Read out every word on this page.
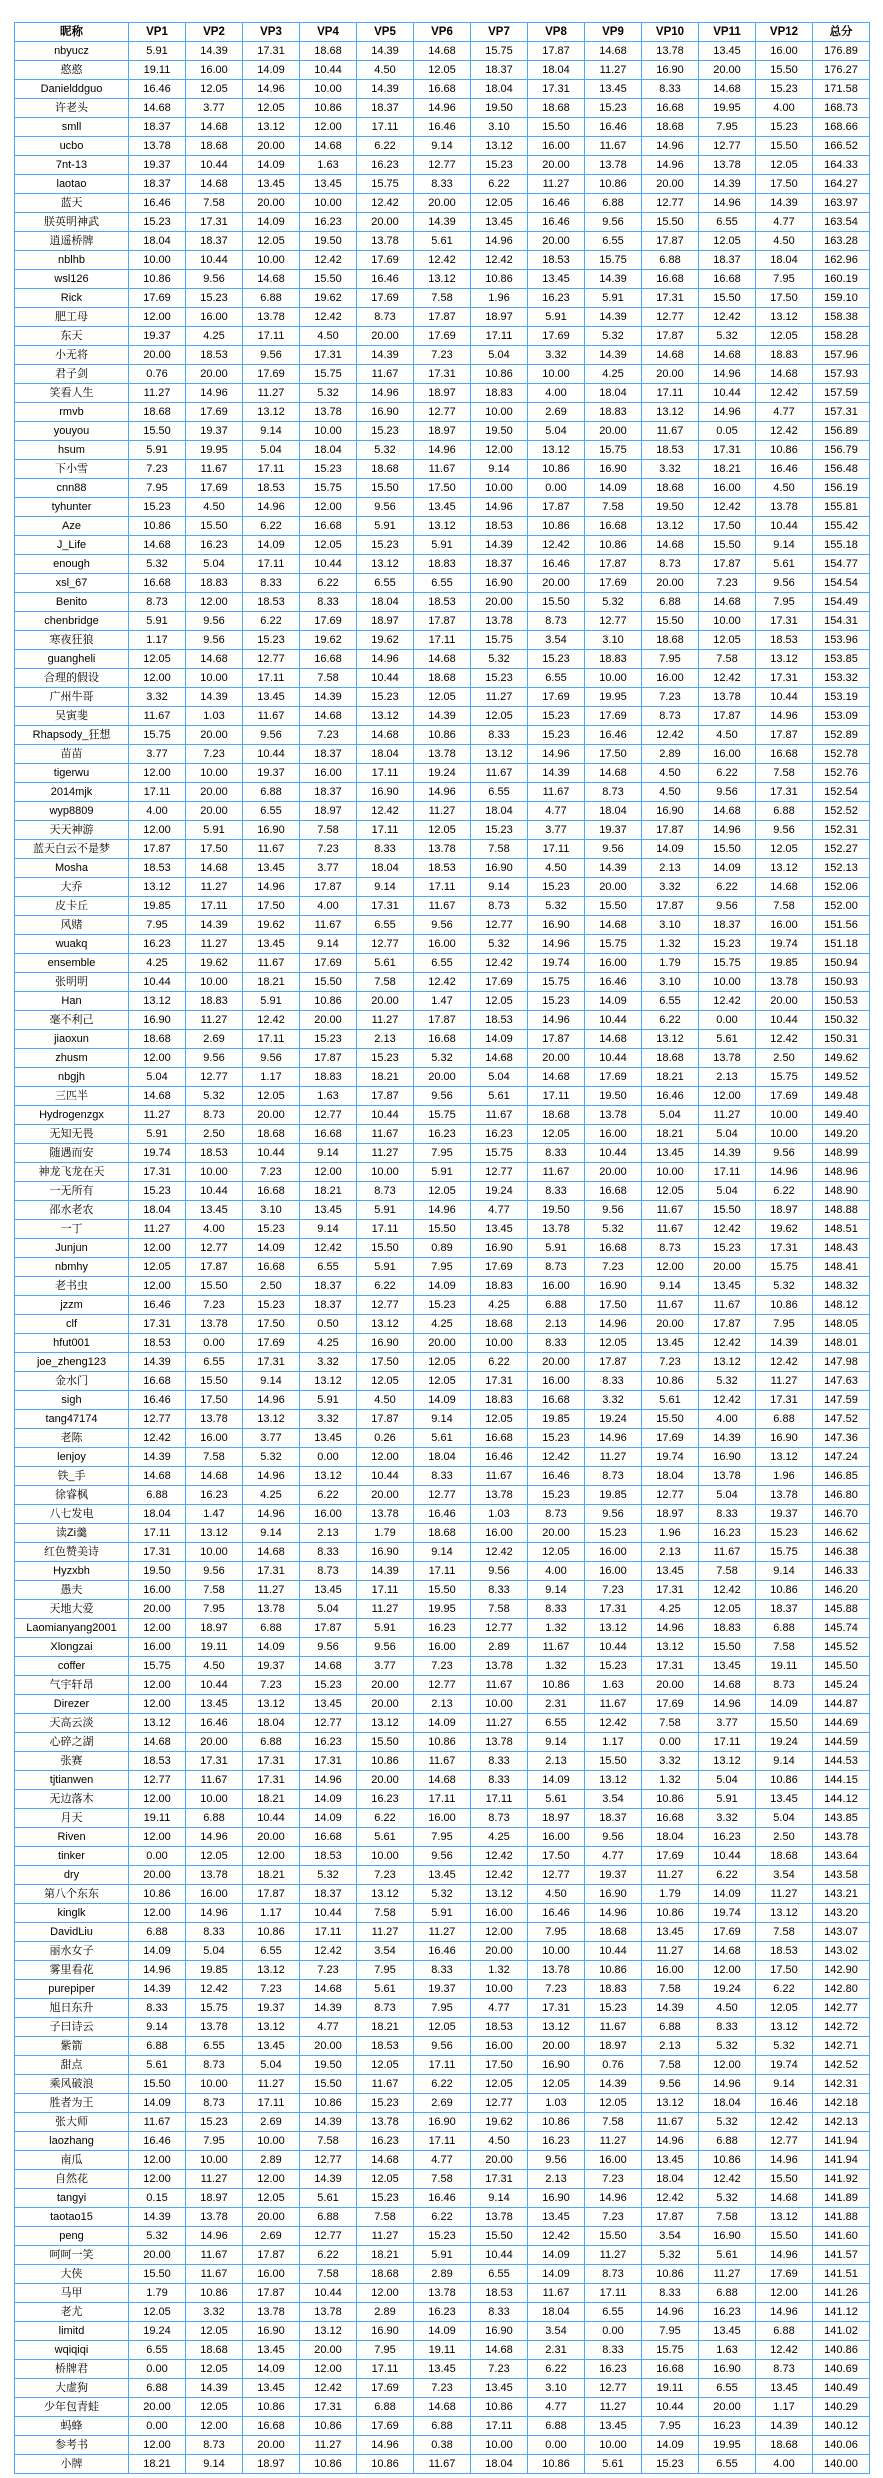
昵称	VP1	VP2	VP3	VP4	VP5	VP6	VP7	VP8	VP9	VP10	VP11	VP12	总分
nbyucz	5.91	14.39	17.31	18.68	14.39	14.68	15.75	17.87	14.68	13.78	13.45	16.00	176.89
憨憨	19.11	16.00	14.09	10.44	4.50	12.05	18.37	18.04	11.27	16.90	20.00	15.50	176.27
Danielddguo	16.46	12.05	14.96	10.00	14.39	16.68	18.04	17.31	13.45	8.33	14.68	15.23	171.58
许老头	14.68	3.77	12.05	10.86	18.37	14.96	19.50	18.68	15.23	16.68	19.95	4.00	168.73
smll	18.37	14.68	13.12	12.00	17.11	16.46	3.10	15.50	16.46	18.68	7.95	15.23	168.66
ucbo	13.78	18.68	20.00	14.68	6.22	9.14	13.12	16.00	11.67	14.96	12.77	15.50	166.52
7nt-13	19.37	10.44	14.09	1.63	16.23	12.77	15.23	20.00	13.78	14.96	13.78	12.05	164.33
laotao	18.37	14.68	13.45	13.45	15.75	8.33	6.22	11.27	10.86	20.00	14.39	17.50	164.27
蓝天	16.46	7.58	20.00	10.00	12.42	20.00	12.05	16.46	6.88	12.77	14.96	14.39	163.97
朕英明神武	15.23	17.31	14.09	16.23	20.00	14.39	13.45	16.46	9.56	15.50	6.55	4.77	163.54
逍遥桥牌	18.04	18.37	12.05	19.50	13.78	5.61	14.96	20.00	6.55	17.87	12.05	4.50	163.28
nblhb	10.00	10.44	10.00	12.42	17.69	12.42	12.42	18.53	15.75	6.88	18.37	18.04	162.96
wsl126	10.86	9.56	14.68	15.50	16.46	13.12	10.86	13.45	14.39	16.68	16.68	7.95	160.19
Rick	17.69	15.23	6.88	19.62	17.69	7.58	1.96	16.23	5.91	17.31	15.50	17.50	159.10
肥工母	12.00	16.00	13.78	12.42	8.73	17.87	18.97	5.91	14.39	12.77	12.42	13.12	158.38
东天	19.37	4.25	17.11	4.50	20.00	17.69	17.11	17.69	5.32	17.87	5.32	12.05	158.28
小无将	20.00	18.53	9.56	17.31	14.39	7.23	5.04	3.32	14.39	14.68	14.68	18.83	157.96
君子剑	0.76	20.00	17.69	15.75	11.67	17.31	10.86	10.00	4.25	20.00	14.96	14.68	157.93
笑看人生	11.27	14.96	11.27	5.32	14.96	18.97	18.83	4.00	18.04	17.11	10.44	12.42	157.59
rmvb	18.68	17.69	13.12	13.78	16.90	12.77	10.00	2.69	18.83	13.12	14.96	4.77	157.31
youyou	15.50	19.37	9.14	10.00	15.23	18.97	19.50	5.04	20.00	11.67	0.05	12.42	156.89
hsum	5.91	19.95	5.04	18.04	5.32	14.96	12.00	13.12	15.75	18.53	17.31	10.86	156.79
下小雪	7.23	11.67	17.11	15.23	18.68	11.67	9.14	10.86	16.90	3.32	18.21	16.46	156.48
cnn88	7.95	17.69	18.53	15.75	15.50	17.50	10.00	0.00	14.09	18.68	16.00	4.50	156.19
tyhunter	15.23	4.50	14.96	12.00	9.56	13.45	14.96	17.87	7.58	19.50	12.42	13.78	155.81
Aze	10.86	15.50	6.22	16.68	5.91	13.12	18.53	10.86	16.68	13.12	17.50	10.44	155.42
J_Life	14.68	16.23	14.09	12.05	15.23	5.91	14.39	12.42	10.86	14.68	15.50	9.14	155.18
enough	5.32	5.04	17.11	10.44	13.12	18.83	18.37	16.46	17.87	8.73	17.87	5.61	154.77
xsl_67	16.68	18.83	8.33	6.22	6.55	6.55	16.90	20.00	17.69	20.00	7.23	9.56	154.54
Benito	8.73	12.00	18.53	8.33	18.04	18.53	20.00	15.50	5.32	6.88	14.68	7.95	154.49
chenbridge	5.91	9.56	6.22	17.69	18.97	17.87	13.78	8.73	12.77	15.50	10.00	17.31	154.31
寒夜狂狼	1.17	9.56	15.23	19.62	19.62	17.11	15.75	3.54	3.10	18.68	12.05	18.53	153.96
guangheli	12.05	14.68	12.77	16.68	14.96	14.68	5.32	15.23	18.83	7.95	7.58	13.12	153.85
合理的假设	12.00	10.00	17.11	7.58	10.44	18.68	15.23	6.55	10.00	16.00	12.42	17.31	153.32
广州牛哥	3.32	14.39	13.45	14.39	15.23	12.05	11.27	17.69	19.95	7.23	13.78	10.44	153.19
吴寅斐	11.67	1.03	11.67	14.68	13.12	14.39	12.05	15.23	17.69	8.73	17.87	14.96	153.09
Rhapsody_狂想	15.75	20.00	9.56	7.23	14.68	10.86	8.33	15.23	16.46	12.42	4.50	17.87	152.89
苗苗	3.77	7.23	10.44	18.37	18.04	13.78	13.12	14.96	17.50	2.89	16.00	16.68	152.78
tigerwu	12.00	10.00	19.37	16.00	17.11	19.24	11.67	14.39	14.68	4.50	6.22	7.58	152.76
2014mjk	17.11	20.00	6.88	18.37	16.90	14.96	6.55	11.67	8.73	4.50	9.56	17.31	152.54
wyp8809	4.00	20.00	6.55	18.97	12.42	11.27	18.04	4.77	18.04	16.90	14.68	6.88	152.52
天天神游	12.00	5.91	16.90	7.58	17.11	12.05	15.23	3.77	19.37	17.87	14.96	9.56	152.31
蓝天白云不是梦	17.87	17.50	11.67	7.23	8.33	13.78	7.58	17.11	9.56	14.09	15.50	12.05	152.27
Mosha	18.53	14.68	13.45	3.77	18.04	18.53	16.90	4.50	14.39	2.13	14.09	13.12	152.13
大乔	13.12	11.27	14.96	17.87	9.14	17.11	9.14	15.23	20.00	3.32	6.22	14.68	152.06
皮卡丘	19.85	17.11	17.50	4.00	17.31	11.67	8.73	5.32	15.50	17.87	9.56	7.58	152.00
风赌	7.95	14.39	19.62	11.67	6.55	9.56	12.77	16.90	14.68	3.10	18.37	16.00	151.56
wuakq	16.23	11.27	13.45	9.14	12.77	16.00	5.32	14.96	15.75	1.32	15.23	19.74	151.18
ensemble	4.25	19.62	11.67	17.69	5.61	6.55	12.42	19.74	16.00	1.79	15.75	19.85	150.94
张明明	10.44	10.00	18.21	15.50	7.58	12.42	17.69	15.75	16.46	3.10	10.00	13.78	150.93
Han	13.12	18.83	5.91	10.86	20.00	1.47	12.05	15.23	14.09	6.55	12.42	20.00	150.53
毫不利己	16.90	11.27	12.42	20.00	11.27	17.87	18.53	14.96	10.44	6.22	0.00	10.44	150.32
jiaoxun	18.68	2.69	17.11	15.23	2.13	16.68	14.09	17.87	14.68	13.12	5.61	12.42	150.31
zhusm	12.00	9.56	9.56	17.87	15.23	5.32	14.68	20.00	10.44	18.68	13.78	2.50	149.62
nbgjh	5.04	12.77	1.17	18.83	18.21	20.00	5.04	14.68	17.69	18.21	2.13	15.75	149.52
三匹半	14.68	5.32	12.05	1.63	17.87	9.56	5.61	17.11	19.50	16.46	12.00	17.69	149.48
Hydrogenzgx	11.27	8.73	20.00	12.77	10.44	15.75	11.67	18.68	13.78	5.04	11.27	10.00	149.40
无知无畏	5.91	2.50	18.68	16.68	11.67	16.23	16.23	12.05	16.00	18.21	5.04	10.00	149.20
随遇而安	19.74	18.53	10.44	9.14	11.27	7.95	15.75	8.33	10.44	13.45	14.39	9.56	148.99
神龙飞龙在天	17.31	10.00	7.23	12.00	10.00	5.91	12.77	11.67	20.00	10.00	17.11	14.96	148.96
一无所有	15.23	10.44	16.68	18.21	8.73	12.05	19.24	8.33	16.68	12.05	5.04	6.22	148.90
邵水老农	18.04	13.45	3.10	13.45	5.91	14.96	4.77	19.50	9.56	11.67	15.50	18.97	148.88
一丁	11.27	4.00	15.23	9.14	17.11	15.50	13.45	13.78	5.32	11.67	12.42	19.62	148.51
Junjun	12.00	12.77	14.09	12.42	15.50	0.89	16.90	5.91	16.68	8.73	15.23	17.31	148.43
nbmhy	12.05	17.87	16.68	6.55	5.91	7.95	17.69	8.73	7.23	12.00	20.00	15.75	148.41
老书虫	12.00	15.50	2.50	18.37	6.22	14.09	18.83	16.00	16.90	9.14	13.45	5.32	148.32
jzzm	16.46	7.23	15.23	18.37	12.77	15.23	4.25	6.88	17.50	11.67	11.67	10.86	148.12
clf	17.31	13.78	17.50	0.50	13.12	4.25	18.68	2.13	14.96	20.00	17.87	7.95	148.05
hfut001	18.53	0.00	17.69	4.25	16.90	20.00	10.00	8.33	12.05	13.45	12.42	14.39	148.01
joe_zheng123	14.39	6.55	17.31	3.32	17.50	12.05	6.22	20.00	17.87	7.23	13.12	12.42	147.98
金水门	16.68	15.50	9.14	13.12	12.05	12.05	17.31	16.00	8.33	10.86	5.32	11.27	147.63
sigh	16.46	17.50	14.96	5.91	4.50	14.09	18.83	16.68	3.32	5.61	12.42	17.31	147.59
tang47174	12.77	13.78	13.12	3.32	17.87	9.14	12.05	19.85	19.24	15.50	4.00	6.88	147.52
老陈	12.42	16.00	3.77	13.45	0.26	5.61	16.68	15.23	14.96	17.69	14.39	16.90	147.36
lenjoy	14.39	7.58	5.32	0.00	12.00	18.04	16.46	12.42	11.27	19.74	16.90	13.12	147.24
铁_手	14.68	14.68	14.96	13.12	10.44	8.33	11.67	16.46	8.73	18.04	13.78	1.96	146.85
徐睿枫	6.88	16.23	4.25	6.22	20.00	12.77	13.78	15.23	19.85	12.77	5.04	13.78	146.80
八七发电	18.04	1.47	14.96	16.00	13.78	16.46	1.03	8.73	9.56	18.97	8.33	19.37	146.70
读Zi羹	17.11	13.12	9.14	2.13	1.79	18.68	16.00	20.00	15.23	1.96	16.23	15.23	146.62
红色赞美诗	17.31	10.00	14.68	8.33	16.90	9.14	12.42	12.05	16.00	2.13	11.67	15.75	146.38
Hyzxbh	19.50	9.56	17.31	8.73	14.39	17.11	9.56	4.00	16.00	13.45	7.58	9.14	146.33
愚夫	16.00	7.58	11.27	13.45	17.11	15.50	8.33	9.14	7.23	17.31	12.42	10.86	146.20
天地大爱	20.00	7.95	13.78	5.04	11.27	19.95	7.58	8.33	17.31	4.25	12.05	18.37	145.88
Laomianyang2001	12.00	18.97	6.88	17.87	5.91	16.23	12.77	1.32	13.12	14.96	18.83	6.88	145.74
Xlongzai	16.00	19.11	14.09	9.56	9.56	16.00	2.89	11.67	10.44	13.12	15.50	7.58	145.52
coffer	15.75	4.50	19.37	14.68	3.77	7.23	13.78	1.32	15.23	17.31	13.45	19.11	145.50
气宇轩昂	12.00	10.44	7.23	15.23	20.00	12.77	11.67	10.86	1.63	20.00	14.68	8.73	145.24
Direzer	12.00	13.45	13.12	13.45	20.00	2.13	10.00	2.31	11.67	17.69	14.96	14.09	144.87
天高云淡	13.12	16.46	18.04	12.77	13.12	14.09	11.27	6.55	12.42	7.58	3.77	15.50	144.69
心碎之湖	14.68	20.00	6.88	16.23	15.50	10.86	13.78	9.14	1.17	0.00	17.11	19.24	144.59
张赛	18.53	17.31	17.31	17.31	10.86	11.67	8.33	2.13	15.50	3.32	13.12	9.14	144.53
tjtianwen	12.77	11.67	17.31	14.96	20.00	14.68	8.33	14.09	13.12	1.32	5.04	10.86	144.15
无边落木	12.00	10.00	18.21	14.09	16.23	17.11	17.11	5.61	3.54	10.86	5.91	13.45	144.12
月天	19.11	6.88	10.44	14.09	6.22	16.00	8.73	18.97	18.37	16.68	3.32	5.04	143.85
Riven	12.00	14.96	20.00	16.68	5.61	7.95	4.25	16.00	9.56	18.04	16.23	2.50	143.78
tinker	0.00	12.05	12.00	18.53	10.00	9.56	12.42	17.50	4.77	17.69	10.44	18.68	143.64
dry	20.00	13.78	18.21	5.32	7.23	13.45	12.42	12.77	19.37	11.27	6.22	3.54	143.58
第八个东东	10.86	16.00	17.87	18.37	13.12	5.32	13.12	4.50	16.90	1.79	14.09	11.27	143.21
kinglk	12.00	14.96	1.17	10.44	7.58	5.91	16.00	16.46	14.96	10.86	19.74	13.12	143.20
DavidLiu	6.88	8.33	10.86	17.11	11.27	11.27	12.00	7.95	18.68	13.45	17.69	7.58	143.07
丽水女子	14.09	5.04	6.55	12.42	3.54	16.46	20.00	10.00	10.44	11.27	14.68	18.53	143.02
雾里看花	14.96	19.85	13.12	7.23	7.95	8.33	1.32	13.78	10.86	16.00	12.00	17.50	142.90
purepiper	14.39	12.42	7.23	14.68	5.61	19.37	10.00	7.23	18.83	7.58	19.24	6.22	142.80
旭日东升	8.33	15.75	19.37	14.39	8.73	7.95	4.77	17.31	15.23	14.39	4.50	12.05	142.77
子曰诗云	9.14	13.78	13.12	4.77	18.21	12.05	18.53	13.12	11.67	6.88	8.33	13.12	142.72
紫箭	6.88	6.55	13.45	20.00	18.53	9.56	16.00	20.00	18.97	2.13	5.32	5.32	142.71
甜点	5.61	8.73	5.04	19.50	12.05	17.11	17.50	16.90	0.76	7.58	12.00	19.74	142.52
乘风破浪	15.50	10.00	11.27	15.50	11.67	6.22	12.05	12.05	14.39	9.56	14.96	9.14	142.31
胜者为王	14.09	8.73	17.11	10.86	15.23	2.69	12.77	1.03	12.05	13.12	18.04	16.46	142.18
张大师	11.67	15.23	2.69	14.39	13.78	16.90	19.62	10.86	7.58	11.67	5.32	12.42	142.13
laozhang	16.46	7.95	10.00	7.58	16.23	17.11	4.50	16.23	11.27	14.96	6.88	12.77	141.94
南瓜	12.00	10.00	2.89	12.77	14.68	4.77	20.00	9.56	16.00	13.45	10.86	14.96	141.94
自然花	12.00	11.27	12.00	14.39	12.05	7.58	17.31	2.13	7.23	18.04	12.42	15.50	141.92
tangyi	0.15	18.97	12.05	5.61	15.23	16.46	9.14	16.90	14.96	12.42	5.32	14.68	141.89
taotao15	14.39	13.78	20.00	6.88	7.58	6.22	13.78	13.45	7.23	17.87	7.58	13.12	141.88
peng	5.32	14.96	2.69	12.77	11.27	15.23	15.50	12.42	15.50	3.54	16.90	15.50	141.60
呵呵一笑	20.00	11.67	17.87	6.22	18.21	5.91	10.44	14.09	11.27	5.32	5.61	14.96	141.57
大侠	15.50	11.67	16.00	7.58	18.68	2.89	6.55	14.09	8.73	10.86	11.27	17.69	141.51
马甲	1.79	10.86	17.87	10.44	12.00	13.78	18.53	11.67	17.11	8.33	6.88	12.00	141.26
老尤	12.05	3.32	13.78	13.78	2.89	16.23	8.33	18.04	6.55	14.96	16.23	14.96	141.12
limitd	19.24	12.05	16.90	13.12	16.90	14.09	16.90	3.54	0.00	7.95	13.45	6.88	141.02
wqiqiqi	6.55	18.68	13.45	20.00	7.95	19.11	14.68	2.31	8.33	15.75	1.63	12.42	140.86
桥牌君	0.00	12.05	14.09	12.00	17.11	13.45	7.23	6.22	16.23	16.68	16.90	8.73	140.69
大虚狗	6.88	14.39	13.45	12.42	17.69	7.23	13.45	3.10	12.77	19.11	6.55	13.45	140.49
少年包青蛙	20.00	12.05	10.86	17.31	6.88	14.68	10.86	4.77	11.27	10.44	20.00	1.17	140.29
蚂蜂	0.00	12.00	16.68	10.86	17.69	6.88	17.11	6.88	13.45	7.95	16.23	14.39	140.12
参考书	12.00	8.73	20.00	11.27	14.96	0.38	10.00	0.00	10.00	14.09	19.95	18.68	140.06
小牌	18.21	9.14	18.97	10.86	10.86	11.67	18.04	10.86	5.61	15.23	6.55	4.00	140.00
